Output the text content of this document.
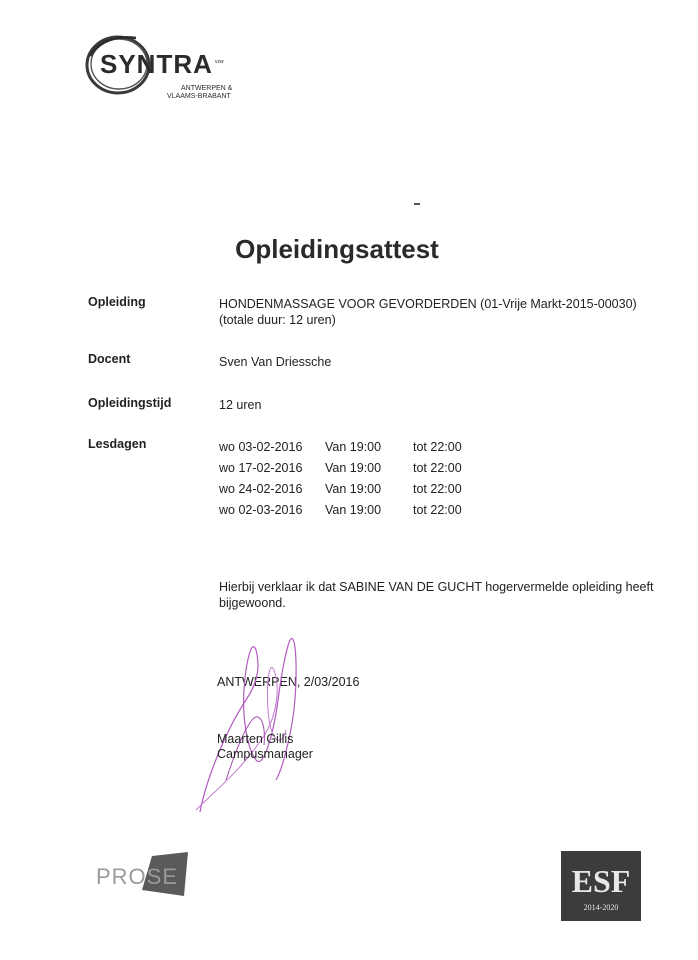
SYNTRA vzw
ANTWERPEN &
VLAAMS-BRABANT
Opleidingsattest
Opleiding	HONDENMASSAGE VOOR GEVORDERDEN (01-Vrije Markt-2015-00030)
(totale duur: 12 uren)
Docent	Sven Van Driessche
Opleidingstijd	12 uren
Lesdagen	wo 03-02-2016 Van 19:00	tot 22:00
wo 17-02-2016 Van 19:00	tot 22:00
wo 24-02-2016 Van 19:00	tot 22:00
wo 02-03-2016 Van 19:00	tot 22:00
Hierbij verklaar ik dat SABINE VAN DE GUCHT hogervermelde opleiding heeft
bijgewoond.
ANTWERPEN, 2/03/2016
Maarten Gillis
Campusmanager
PROSE	ESF
2014-2020
